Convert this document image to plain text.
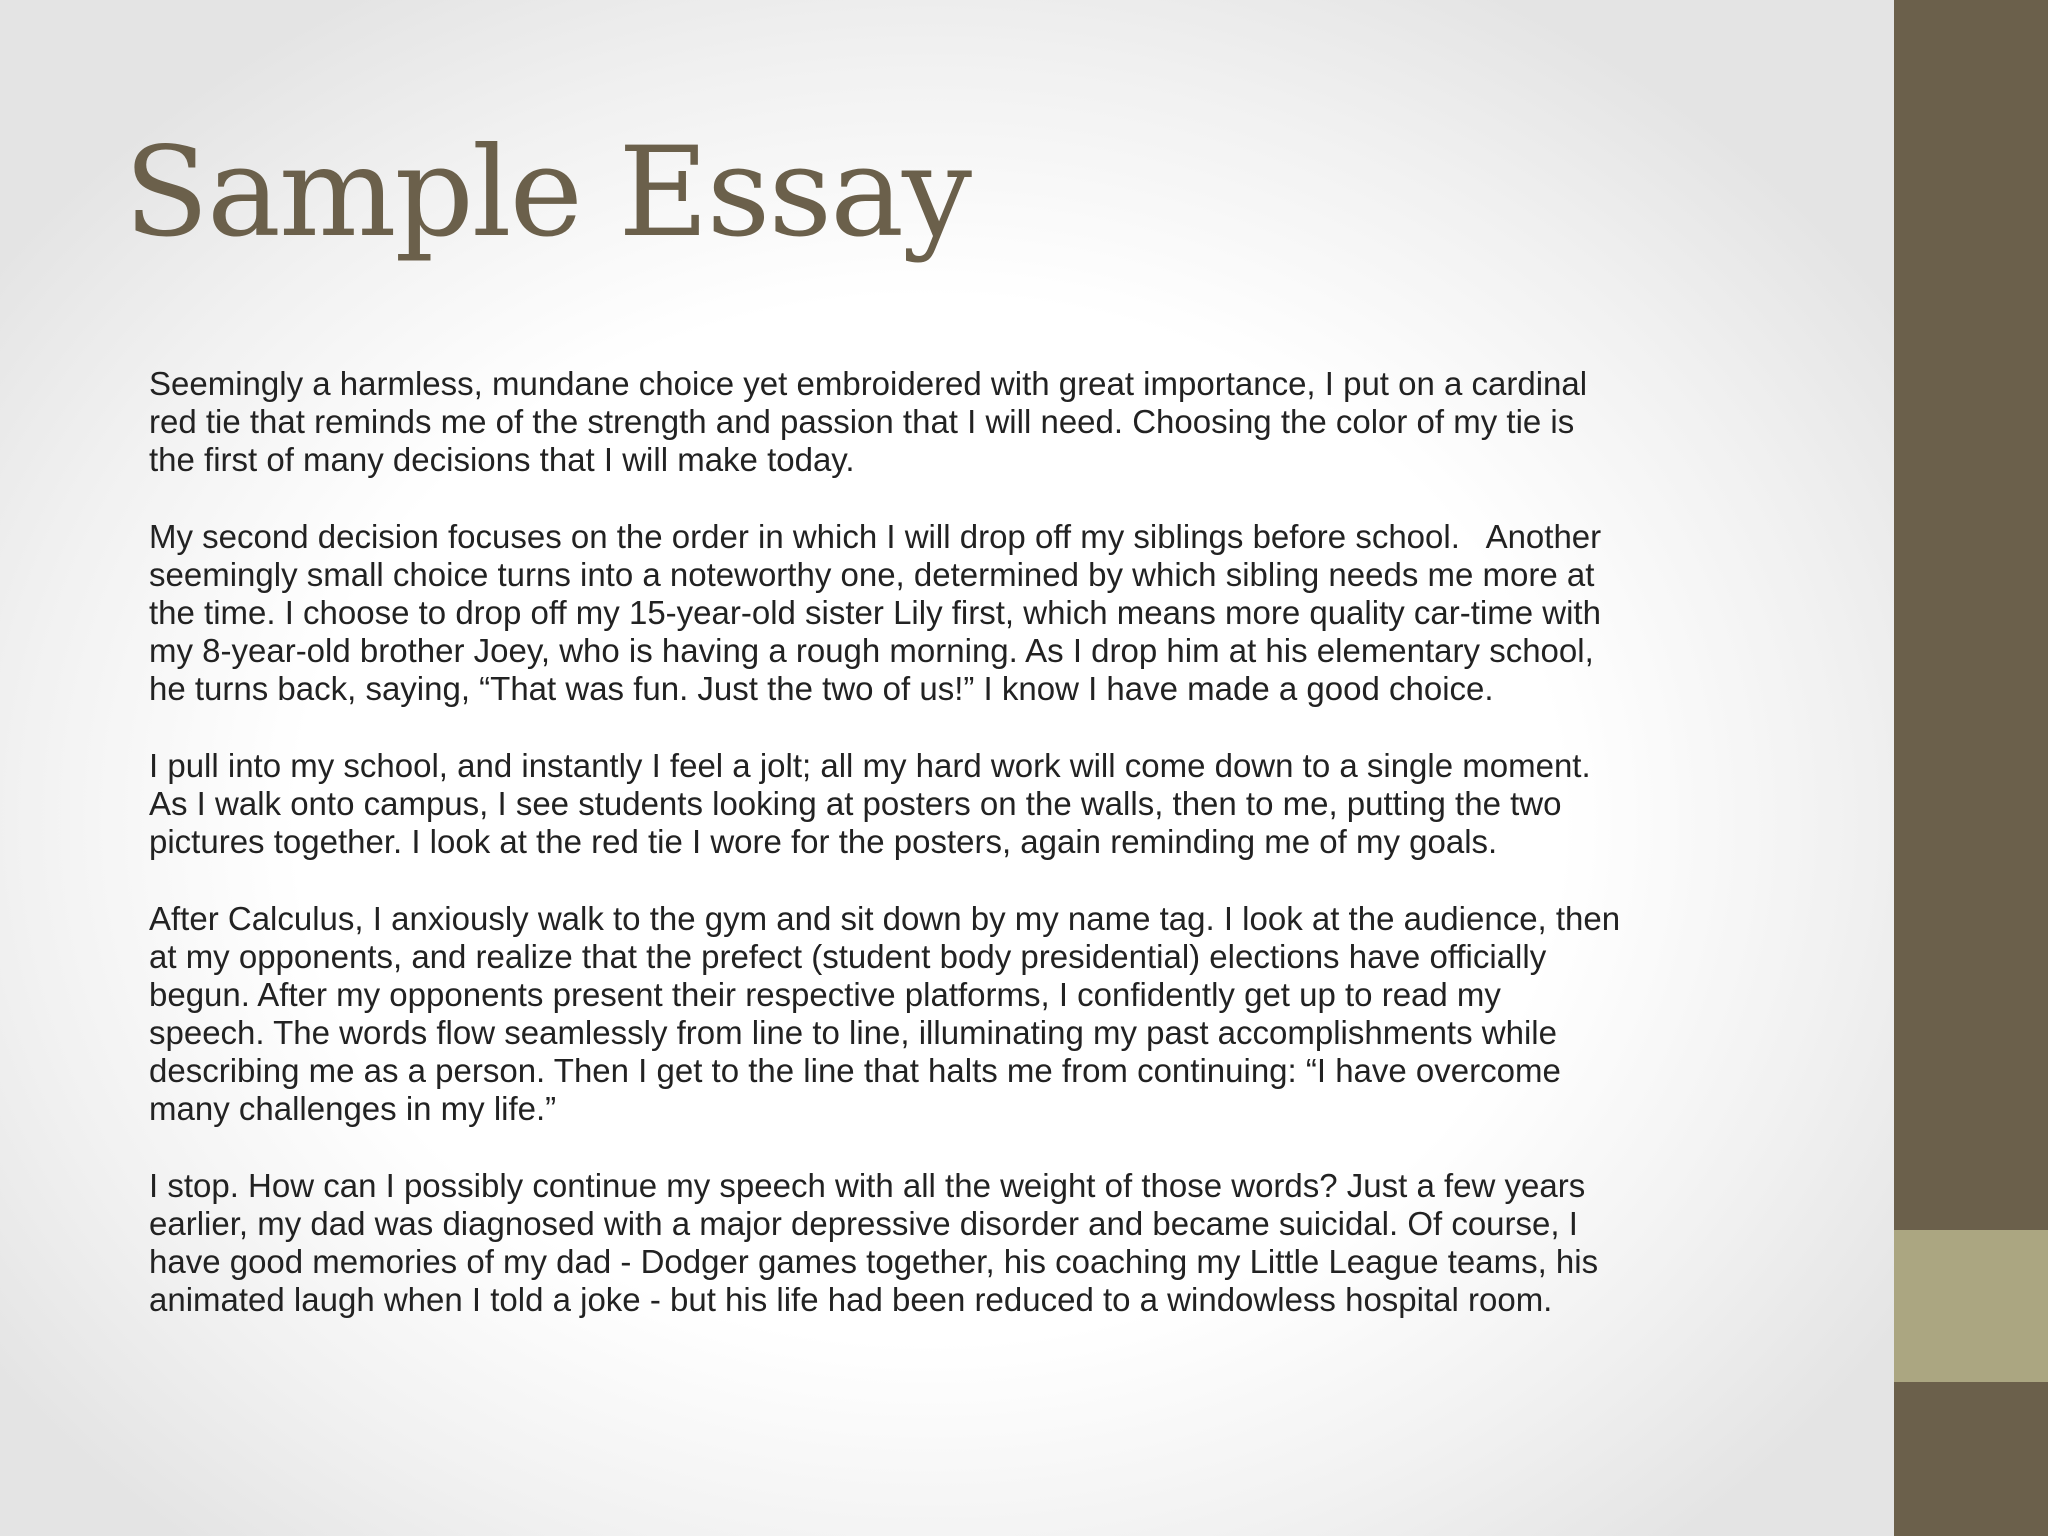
Sample Essay

Seemingly a harmless, mundane choice yet embroidered with great importance, I put on a cardinal
red tie that reminds me of the strength and passion that I will need. Choosing the color of my tie is
the first of many decisions that I will make today.

My second decision focuses on the order in which I will drop off my siblings before school.   Another
seemingly small choice turns into a noteworthy one, determined by which sibling needs me more at
the time. I choose to drop off my 15-year-old sister Lily first, which means more quality car-time with
my 8-year-old brother Joey, who is having a rough morning. As I drop him at his elementary school,
he turns back, saying, “That was fun. Just the two of us!” I know I have made a good choice.

I pull into my school, and instantly I feel a jolt; all my hard work will come down to a single moment.
As I walk onto campus, I see students looking at posters on the walls, then to me, putting the two
pictures together. I look at the red tie I wore for the posters, again reminding me of my goals.

After Calculus, I anxiously walk to the gym and sit down by my name tag. I look at the audience, then
at my opponents, and realize that the prefect (student body presidential) elections have officially
begun. After my opponents present their respective platforms, I confidently get up to read my
speech. The words flow seamlessly from line to line, illuminating my past accomplishments while
describing me as a person. Then I get to the line that halts me from continuing: “I have overcome
many challenges in my life.”

I stop. How can I possibly continue my speech with all the weight of those words? Just a few years
earlier, my dad was diagnosed with a major depressive disorder and became suicidal. Of course, I
have good memories of my dad - Dodger games together, his coaching my Little League teams, his
animated laugh when I told a joke - but his life had been reduced to a windowless hospital room.
